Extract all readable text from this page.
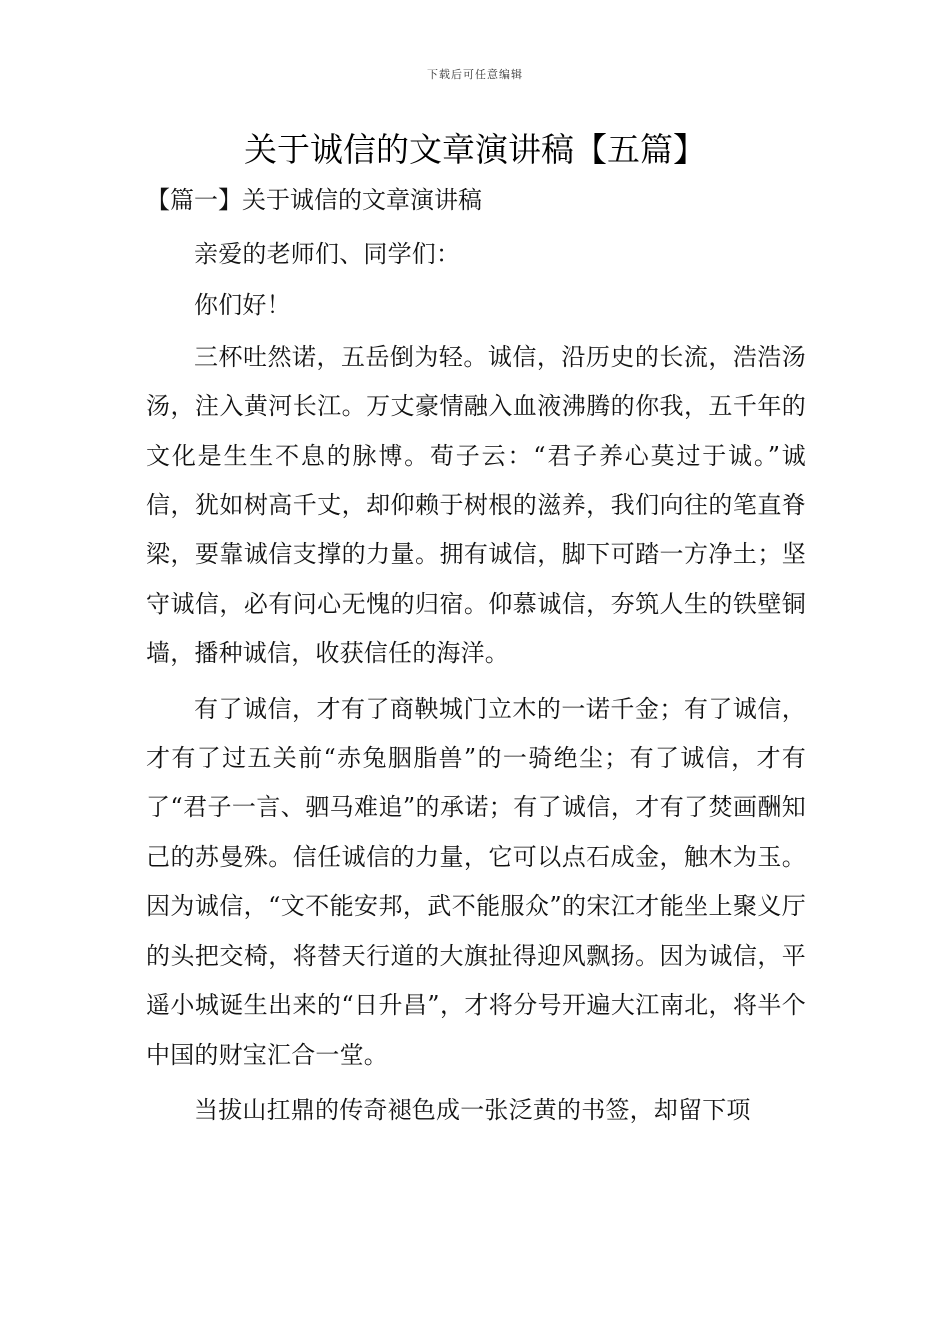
下载后可任意编辑
关于诚信的文章演讲稿【五篇】
【篇一】关于诚信的文章演讲稿

亲爱的老师们、同学们：

你们好！

三杯吐然诺，五岳倒为轻。诚信，沿历史的长流，浩浩汤汤，注入黄河长江。万丈豪情融入血液沸腾的你我，五千年的文化是生生不息的脉博。荀子云：“君子养心莫过于诚。”诚信，犹如树高千丈，却仰赖于树根的滋养，我们向往的笔直脊梁，要靠诚信支撑的力量。拥有诚信，脚下可踏一方净土；坚守诚信，必有问心无愧的归宿。仰慕诚信，夯筑人生的铁壁铜墙，播种诚信，收获信任的海洋。

有了诚信，才有了商鞅城门立木的一诺千金；有了诚信，才有了过五关前“赤兔胭脂兽”的一骑绝尘；有了诚信，才有了“君子一言、驷马难追”的承诺；有了诚信，才有了焚画酬知己的苏曼殊。信任诚信的力量，它可以点石成金，触木为玉。因为诚信，“文不能安邦，武不能服众”的宋江才能坐上聚义厅的头把交椅，将替天行道的大旗扯得迎风飘扬。因为诚信，平遥小城诞生出来的“日升昌”，才将分号开遍大江南北，将半个中国的财宝汇合一堂。

当拔山扛鼎的传奇褪色成一张泛黄的书签，却留下项
